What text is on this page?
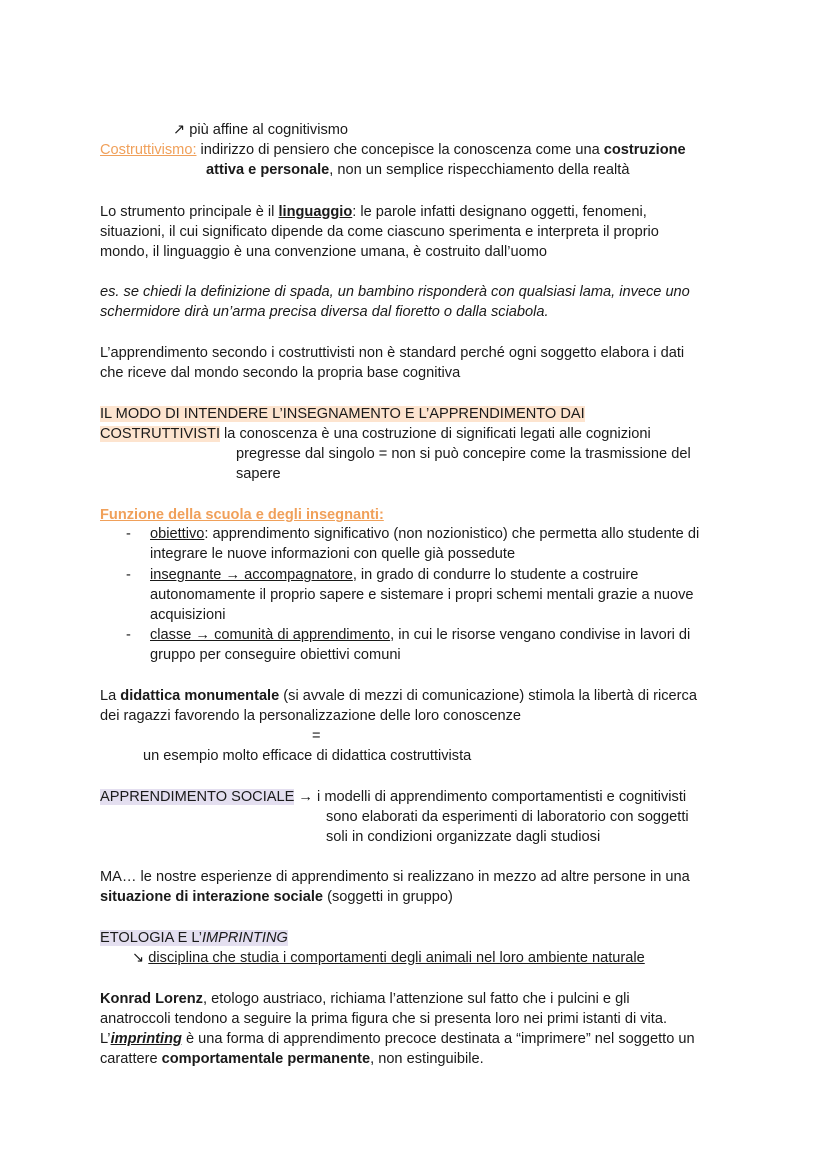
↗ più affine al cognitivismo
Costruttivismo: indirizzo di pensiero che concepisce la conoscenza come una costruzione
attiva e personale, non un semplice rispecchiamento della realtà
Lo strumento principale è il linguaggio: le parole infatti designano oggetti, fenomeni,
situazioni, il cui significato dipende da come ciascuno sperimenta e interpreta il proprio
mondo, il linguaggio è una convenzione umana, è costruito dall’uomo
es. se chiedi la definizione di spada, un bambino risponderà con qualsiasi lama, invece uno
schermidore dirà un’arma precisa diversa dal fioretto o dalla sciabola.
L’apprendimento secondo i costruttivisti non è standard perché ogni soggetto elabora i dati
che riceve dal mondo secondo la propria base cognitiva
IL MODO DI INTENDERE L’INSEGNAMENTO E L’APPRENDIMENTO DAI
COSTRUTTIVISTI la conoscenza è una costruzione di significati legati alle cognizioni
pregresse dal singolo = non si può concepire come la trasmissione del
sapere
Funzione della scuola e degli insegnanti:
- obiettivo: apprendimento significativo (non nozionistico) che permetta allo studente di
integrare le nuove informazioni con quelle già possedute
- insegnante → accompagnatore, in grado di condurre lo studente a costruire
autonomamente il proprio sapere e sistemare i propri schemi mentali grazie a nuove
acquisizioni
- classe → comunità di apprendimento, in cui le risorse vengano condivise in lavori di
gruppo per conseguire obiettivi comuni
La didattica monumentale (si avvale di mezzi di comunicazione) stimola la libertà di ricerca
dei ragazzi favorendo la personalizzazione delle loro conoscenze
=
un esempio molto efficace di didattica costruttivista
APPRENDIMENTO SOCIALE → i modelli di apprendimento comportamentisti e cognitivisti
sono elaborati da esperimenti di laboratorio con soggetti
soli in condizioni organizzate dagli studiosi
MA… le nostre esperienze di apprendimento si realizzano in mezzo ad altre persone in una
situazione di interazione sociale (soggetti in gruppo)
ETOLOGIA E L’IMPRINTING
↘ disciplina che studia i comportamenti degli animali nel loro ambiente naturale
Konrad Lorenz, etologo austriaco, richiama l’attenzione sul fatto che i pulcini e gli
anatroccoli tendono a seguire la prima figura che si presenta loro nei primi istanti di vita.
L’imprinting è una forma di apprendimento precoce destinata a “imprimere” nel soggetto un
carattere comportamentale permanente, non estinguibile.
